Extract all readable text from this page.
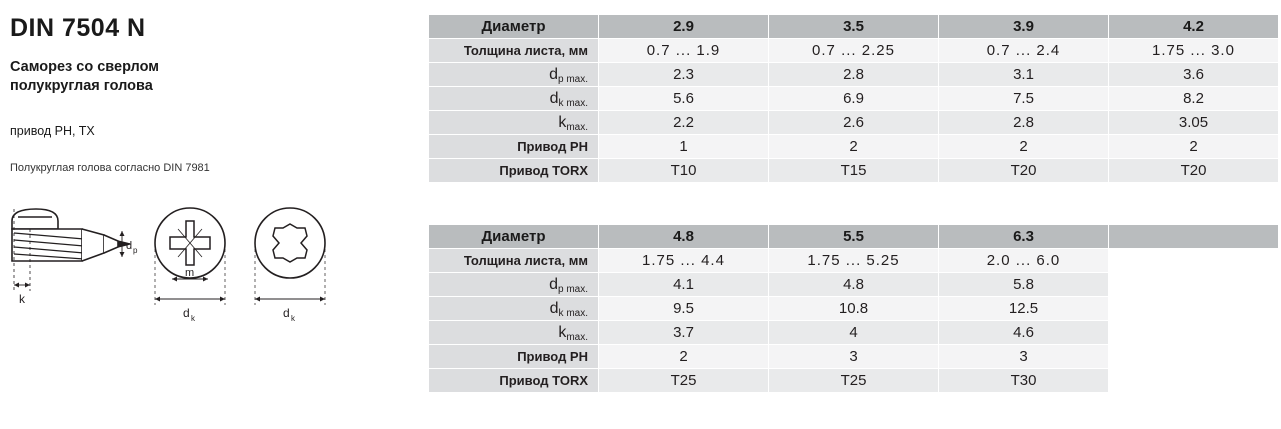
DIN 7504 N
Саморез со сверлом
полукруглая голова
привод PH, TX
Полукруглая голова согласно DIN 7981
k
d p
m
d k	d k
Диаметр	2.9	3.5	3.9	4.2
Толщина листа, мм	0.7 ... 1.9	0.7 ... 2.25	0.7 ... 2.4	1.75 ... 3.0
$d_{p max.}$	2.3	2.8	3.1	3.6
$d_{k max.}$	5.6	6.9	7.5	8.2
$k_{max.}$	2.2	2.6	2.8	3.05
Привод PH	1	2	2	2
Привод TORX	T10	T15	T20	T20
Диаметр	4.8	5.5	6.3	
Толщина листа, мм	1.75 ... 4.4	1.75 ... 5.25	2.0 ... 6.0	
$d_{p max.}$	4.1	4.8	5.8	
$d_{k max.}$	9.5	10.8	12.5	
$k_{max.}$	3.7	4	4.6	
Привод PH	2	3	3	
Привод TORX	T25	T25	T30	
